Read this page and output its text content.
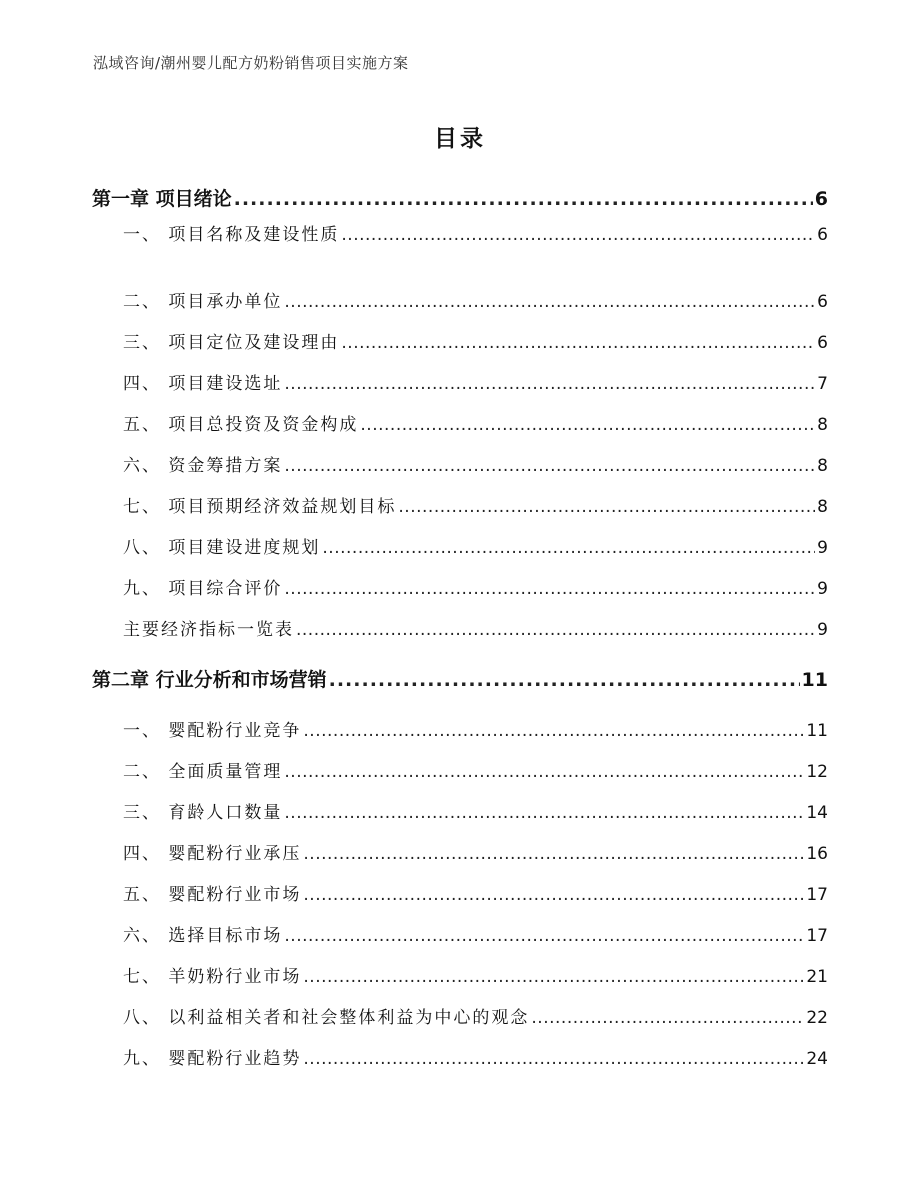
泓域咨询/潮州婴儿配方奶粉销售项目实施方案
目录
第一章 项目绪论 .....	6
一、 项目名称及建设性质 .....	6
二、 项目承办单位 .....	6
三、 项目定位及建设理由 .....	6
四、 项目建设选址 .....	7
五、 项目总投资及资金构成 .....	8
六、 资金筹措方案 .....	8
七、 项目预期经济效益规划目标 .....	8
八、 项目建设进度规划 .....	9
九、 项目综合评价 .....	9
主要经济指标一览表 .....	9
第二章 行业分析和市场营销 .....	11
一、 婴配粉行业竞争 .....	11
二、 全面质量管理 .....	12
三、 育龄人口数量 .....	14
四、 婴配粉行业承压 .....	16
五、 婴配粉行业市场 .....	17
六、 选择目标市场 .....	17
七、 羊奶粉行业市场 .....	21
八、 以利益相关者和社会整体利益为中心的观念 .....	22
九、 婴配粉行业趋势 .....	24
